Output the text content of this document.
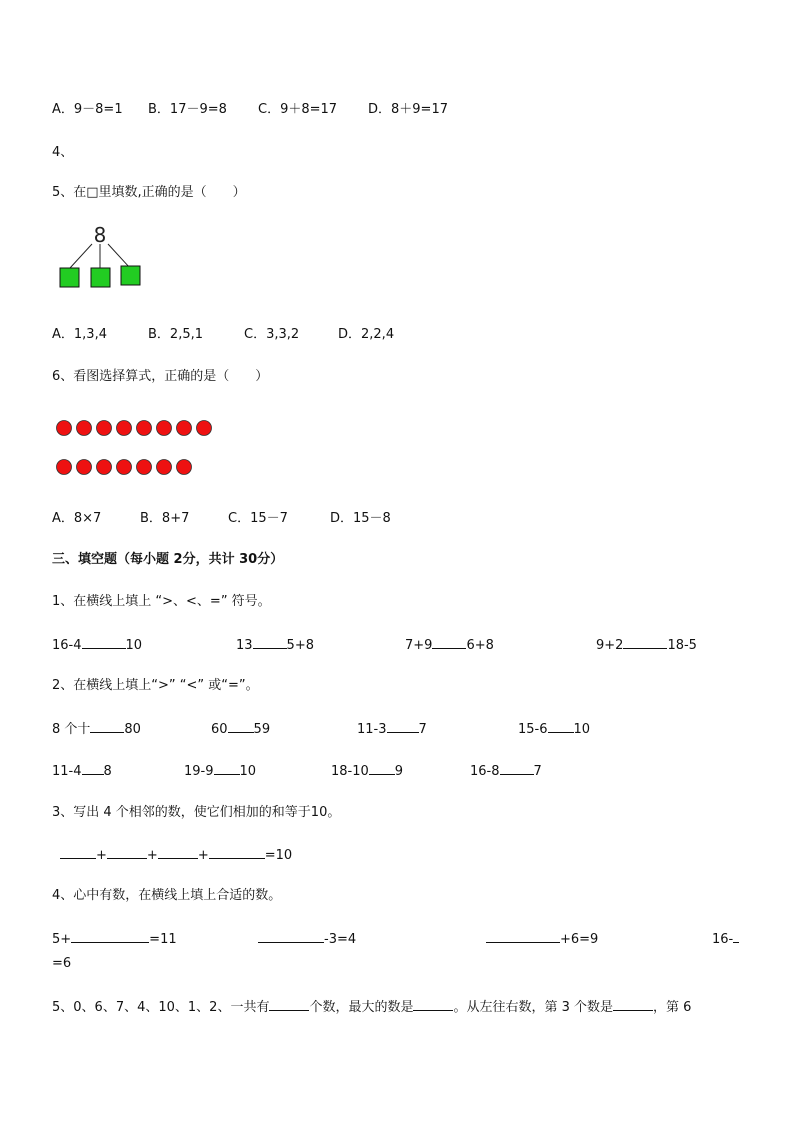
A．9－8=1 B．17－9=8 C．9＋8=17 D．8＋9=17
4、
5、在□里填数,正确的是（　　）
8
A．1,3,4	B．2,5,1	C．3,3,2	D．2,2,4
6、看图选择算式，正确的是（　　）
A．8×7	B．8+7	C．15－7	D．15－8
三、填空题（每小题 2分，共计 30分）
1、在横线上填上 “>、<、=” 符号。
16-4	10	13	5+8	7+9	6+8	9+2	18-5
2、在横线上填上“>” “<” 或“=”。
8 个十	80	60 59	11-3 7	15-6 10
11-4 8	19-9 10	18-10 9	16-8	7
3、写出 4 个相邻的数，使它们相加的和等于10。
+	+	+	=10
4、心中有数，在横线上填上合适的数。
5+	=11	-3=4	+6=9	16-
=6
5、0、6、7、4、10、1、2、一共有	个数，最大的数是	。从左往右数，第 3 个数是	，第 6
